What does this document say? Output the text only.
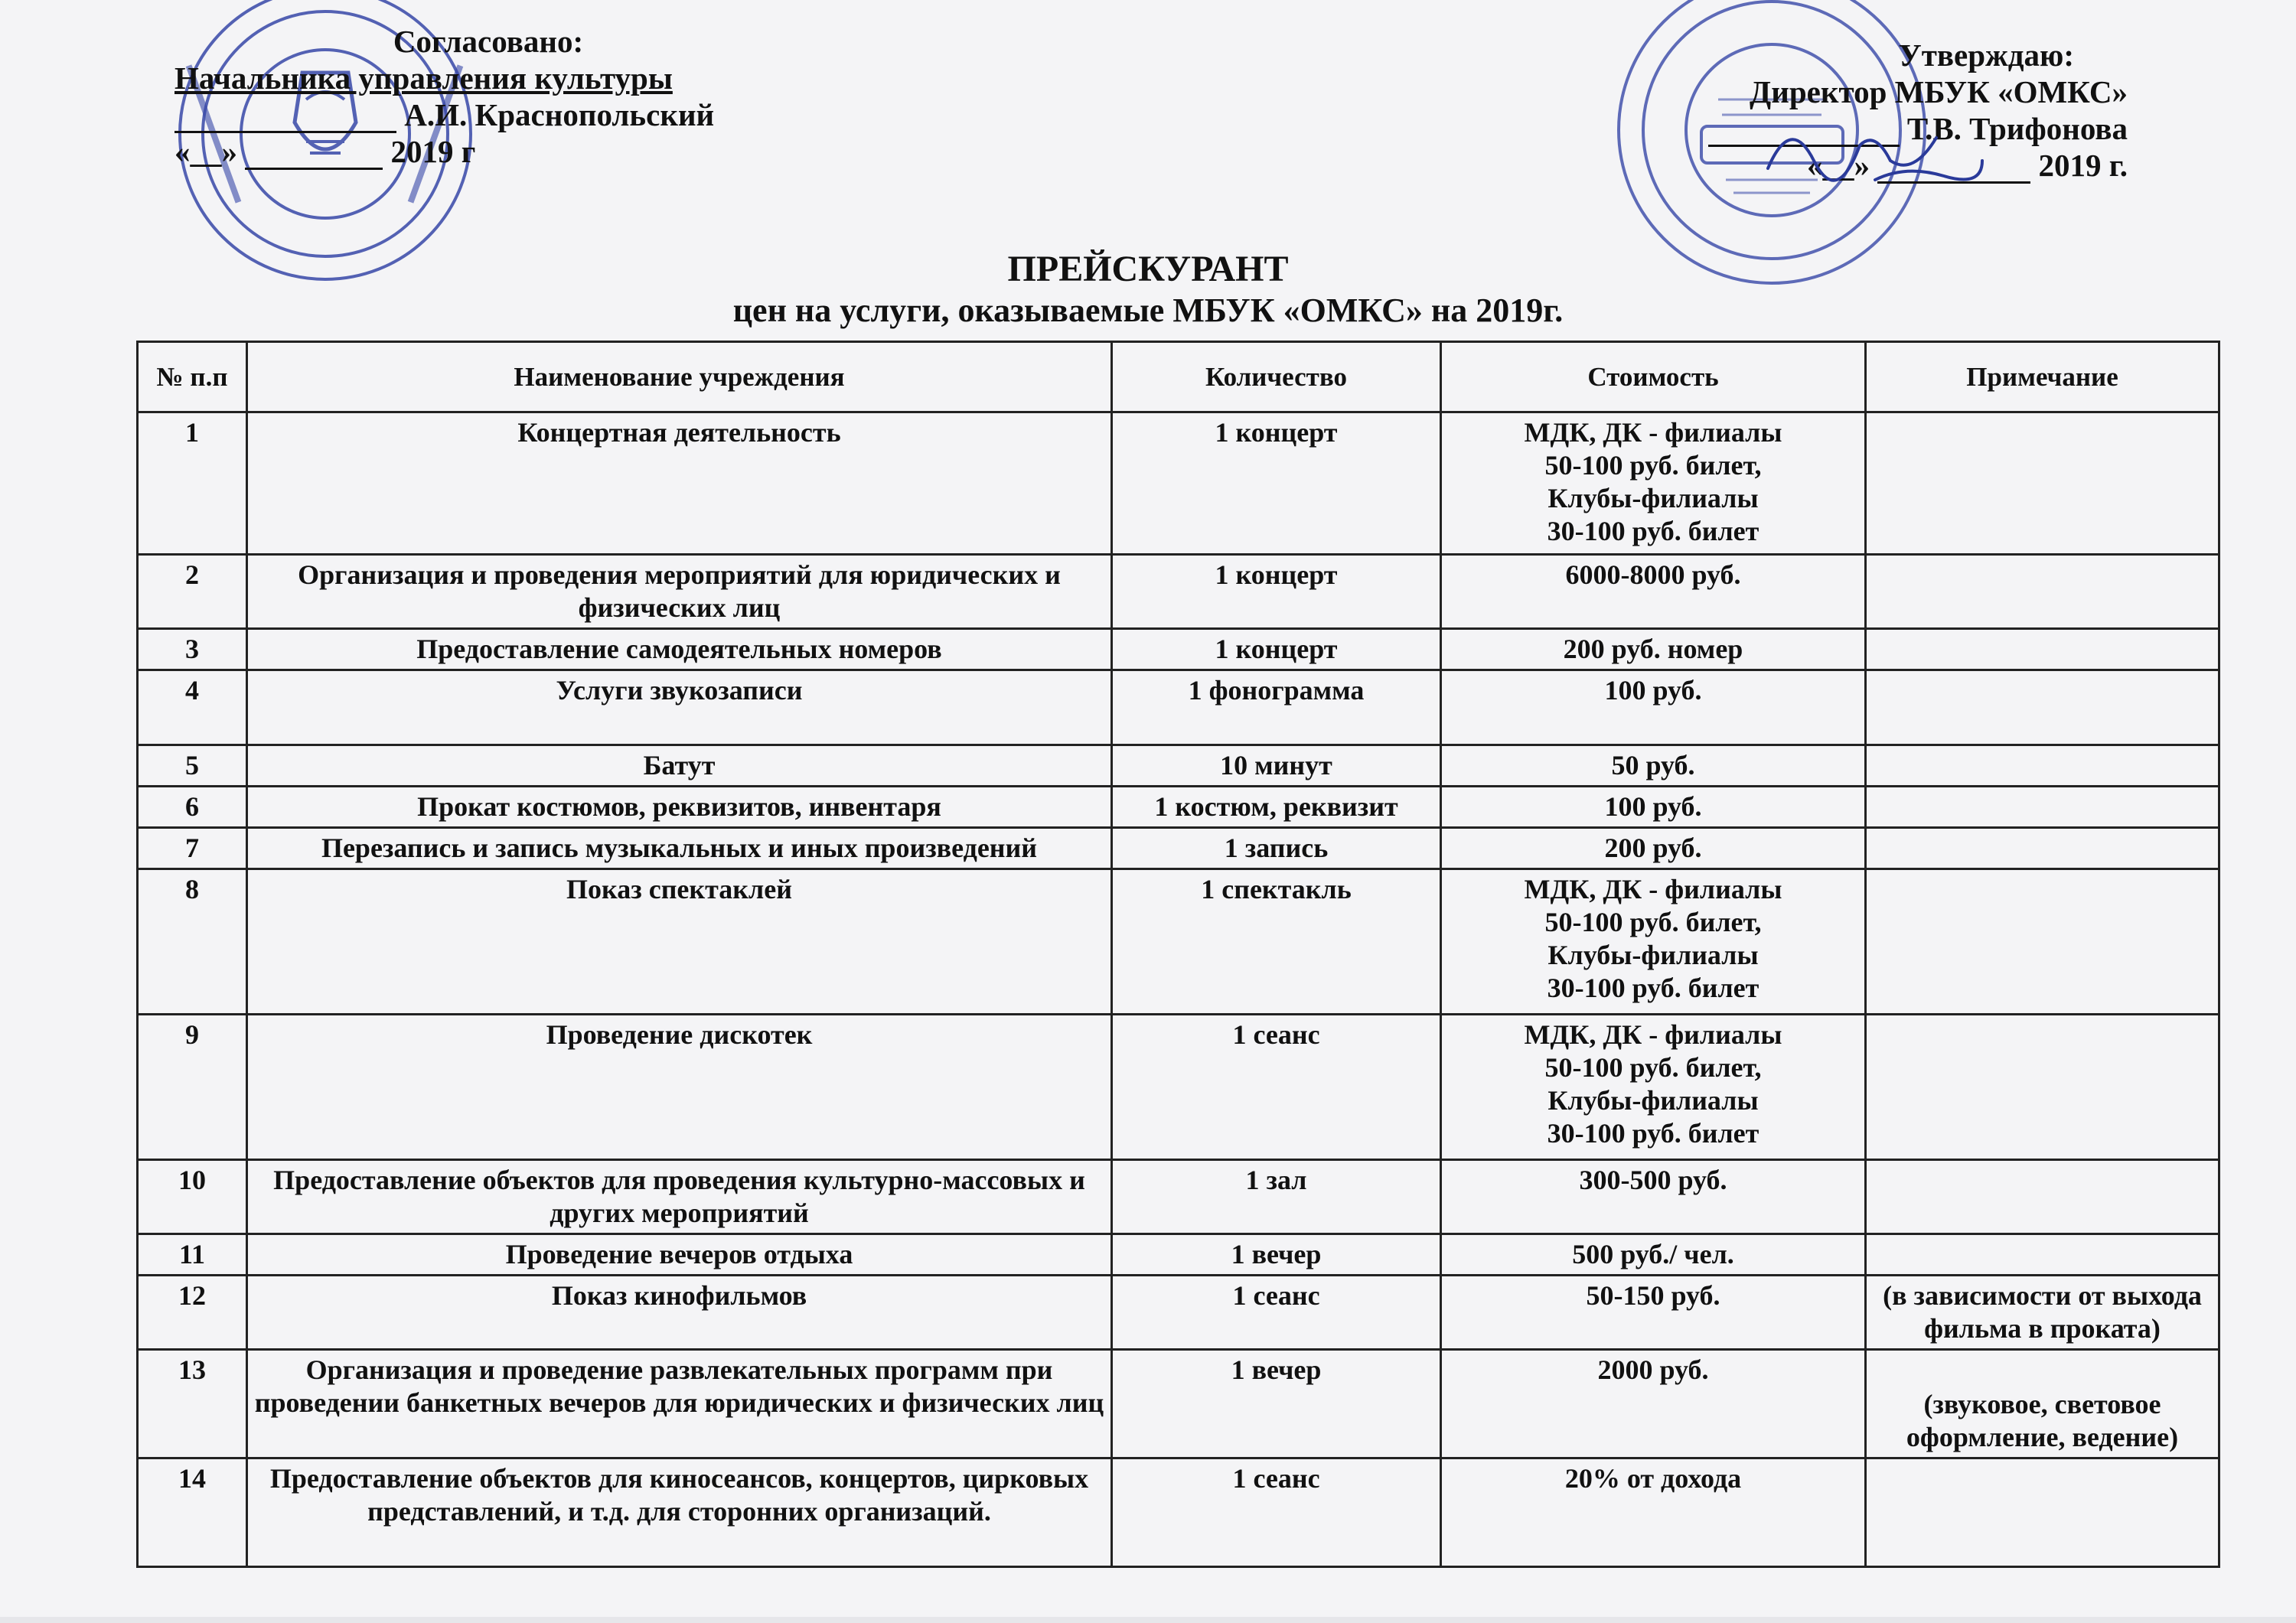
Согласовано:
Начальника управления культуры
А.И. Краснопольский
«__»	2019 г
Утверждаю:
Директор МБУК «ОМКС»
Т.В. Трифонова
«__»	2019 г.
ПРЕЙСКУРАНТ
цен на услуги, оказываемые МБУК «ОМКС» на 2019г.
№ п.п	Наименование учреждения	Количество	Стоимость	Примечание
1	Концертная деятельность	1 концерт	МДК, ДК - филиалы
50-100 руб. билет,
Клубы-филиалы
30-100 руб. билет	

2	Организация и проведения мероприятий для юридических и физических лиц	1 концерт	6000-8000 руб.	

3	Предоставление самодеятельных номеров	1 концерт	200 руб. номер	

4	Услуги звукозаписи	1 фонограмма	100 руб.	

5	Батут	10 минут	50 руб.	

6	Прокат костюмов, реквизитов, инвентаря	1 костюм, реквизит	100 руб.	

7	Перезапись и запись музыкальных и иных произведений	1 запись	200 руб.	

8	Показ спектаклей	1 спектакль	МДК, ДК - филиалы
50-100 руб. билет,
Клубы-филиалы
30-100 руб. билет	

9	Проведение дискотек	1 сеанс	МДК, ДК - филиалы
50-100 руб. билет,
Клубы-филиалы
30-100 руб. билет	

10	Предоставление объектов для проведения культурно-массовых и других мероприятий	1 зал	300-500 руб.	

11	Проведение вечеров отдыха	1 вечер	500 руб./ чел.	

12	Показ кинофильмов	1 сеанс	50-150 руб.	(в зависимости от выхода фильма в проката)
13	Организация и проведение развлекательных программ при проведении банкетных вечеров для юридических и физических лиц	1 вечер	2000 руб.	(звуковое, световое оформление, ведение)
14	Предоставление объектов для киносеансов, концертов, цирковых представлений, и т.д. для сторонних организаций.	1 сеанс	20% от дохода	
